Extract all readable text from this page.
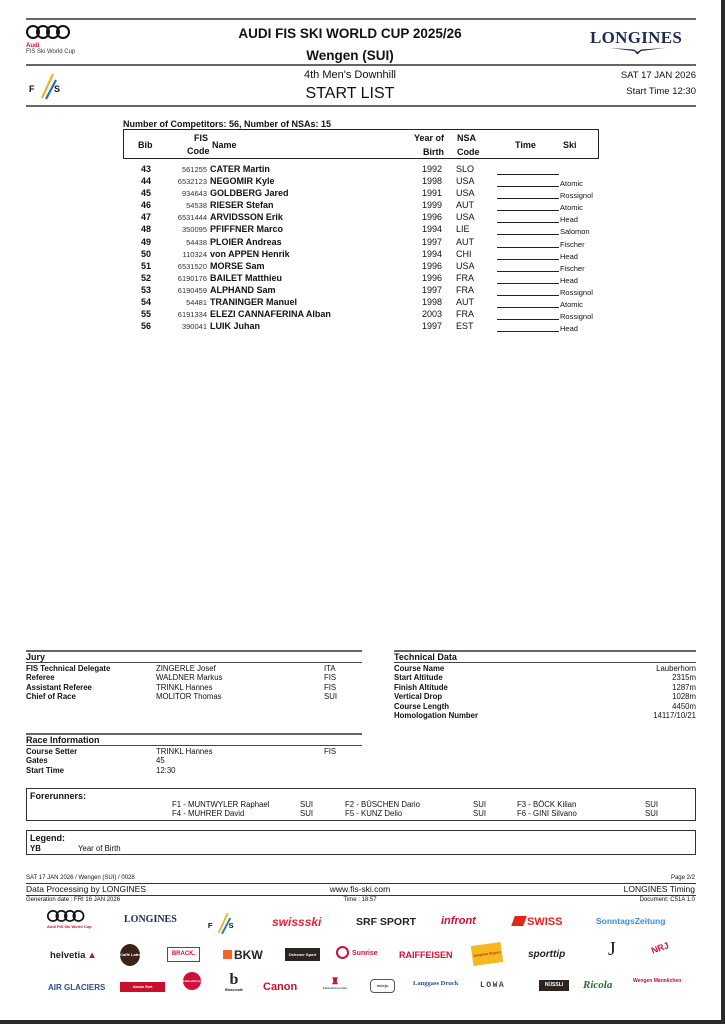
Audi
FIS Ski World Cup
AUDI FIS SKI WORLD CUP 2025/26
Wengen (SUI)
LONGINES
F S
4th Men's Downhill
START LIST
SAT 17 JAN 2026
Start Time 12:30
Number of Competitors: 56, Number of NSAs: 15
Bib
FIS
Code
Name
Year of
Birth
NSA
Code
Time	Ski
43	561255 CATER Martin	1992 SLO
44	6532123 NEGOMIR Kyle	1998 USA	Atomic
45	934643 GOLDBERG Jared	1991 USA	Rossignol
46	54538 RIESER Stefan	1999 AUT	Atomic
47	6531444 ARVIDSSON Erik	1996 USA	Head
48	350095 PFIFFNER Marco	1994 LIE	Salomon
49	54438 PLOIER Andreas	1997 AUT	Fischer
50	110324 von APPEN Henrik	1994 CHI	Head
51	6531520 MORSE Sam	1996 USA	Fischer
52	6190176 BAILET Matthieu	1996 FRA	Head
53	6190459 ALPHAND Sam	1997 FRA	Rossignol
54	54481 TRANINGER Manuel	1998 AUT	Atomic
55	6191334 ELEZI CANNAFERINA Alban	2003 FRA	Rossignol
56	390041 LUIK Juhan	1997 EST	Head
Jury
FIS Technical Delegate	ZINGERLE Josef	ITA
Referee	WALDNER Markus	FIS
Assistant Referee	TRINKL Hannes	FIS
Chief of Race	MOLITOR Thomas	SUI
Technical Data
Course Name	Lauberhorn
Start Altitude	2315m
Finish Altitude	1287m
Vertical Drop	1028m
Course Length	4450m
Homologation Number	14117/10/21
Race Information
Course Setter	TRINKL Hannes	FIS
Gates	45
Start Time	12:30
Forerunners:
F1 - MUNTWYLER Raphael	SUI	F2 - BÜSCHEN Dario	SUI	F3 - BÖCK Kilian	SUI
F4 - MUHRER David	SUI	F5 - KUNZ Delio	SUI	F6 - GINI Silvano	SUI
Legend:
YB	Year of Birth
SAT 17 JAN 2026 / Wengen (SUI) / 0028	Page 2/2
Data Processing by LONGINES	www.fis-ski.com	LONGINES Timing
Generation date : FRI 16 JAN 2026	Time : 18:57	Document: C51A 1.0
Audi FIS Ski World Cup
LONGINES
F S	swissski	SRF SPORT infront	SWISS	SonntagsZeitung
helvetia ▲	Caffè Latte	BRACK.	BKW	Ochsner Sport	Sunrise RAIFFEISEN	Jungfrau Region	sporttip J	NRJ
AIR GLACIERS	Amuse Bort
Feldschlösschen Bier b
Blasercafé	Canon	♜
Feldschlösschen	indeju	Langgass Druck	LOWA	NÜSSLI	Ricola	Wengen Männlichen
